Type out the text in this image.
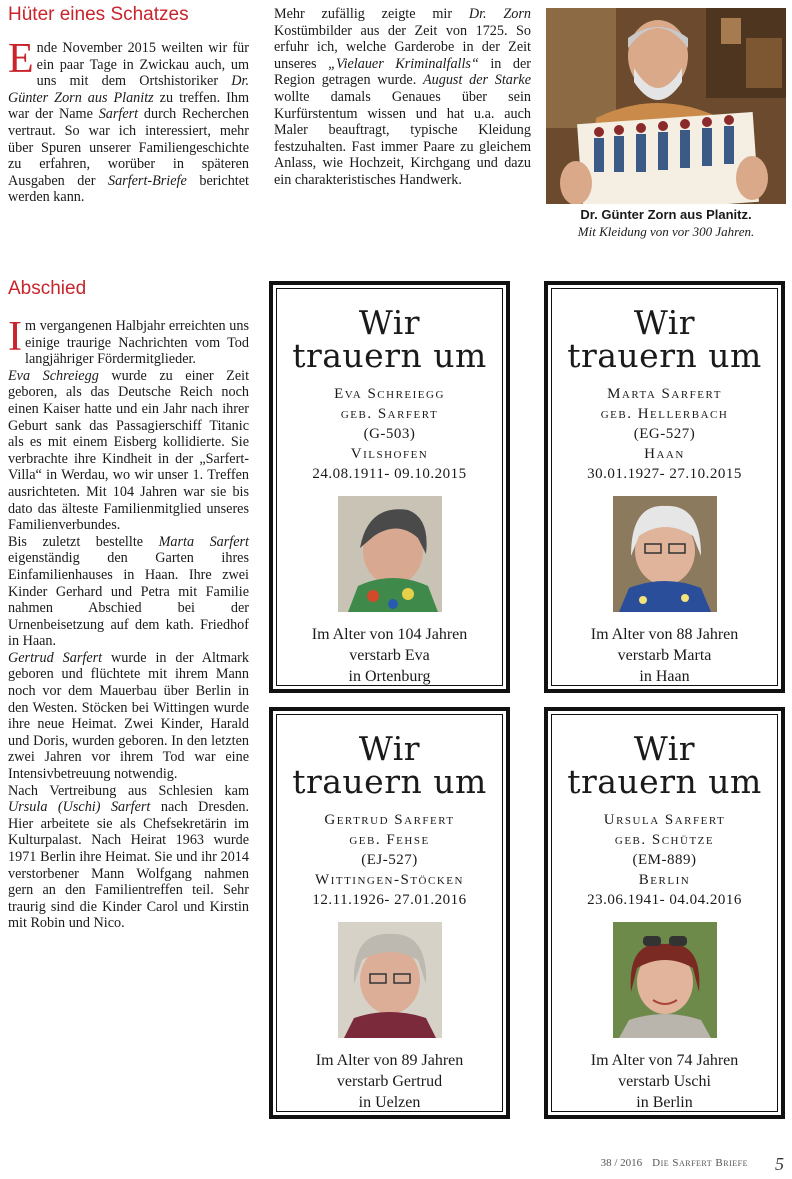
Hüter eines Schatzes

Ende November 2015 weilten wir für ein paar Tage in Zwickau auch, um uns mit dem Ortshistoriker Dr. Günter Zorn aus Planitz zu treffen. Ihm war der Name Sarfert durch Recherchen vertraut. So war ich interessiert, mehr über Spuren unserer Familiengeschichte zu erfahren, worüber in späteren Ausgaben der Sarfert-Briefe berichtet werden kann.

Mehr zufällig zeigte mir Dr. Zorn Kostümbilder aus der Zeit von 1725. So erfuhr ich, welche Garderobe in der Zeit unseres „Vielauer Kriminalfalls“ in der Region getragen wurde. August der Starke wollte damals Genaues über sein Kurfürstentum wissen und hat u.a. auch Maler beauftragt, typische Kleidung festzuhalten. Fast immer Paare zu gleichem Anlass, wie Hochzeit, Kirchgang und dazu ein charakteristisches Handwerk.

Dr. Günter Zorn aus Planitz.
Mit Kleidung von vor 300 Jahren.
Abschied

Im vergangenen Halbjahr erreichten uns einige traurige Nachrichten vom Tod langjähriger Fördermitglieder.

Eva Schreiegg wurde zu einer Zeit geboren, als das Deutsche Reich noch einen Kaiser hatte und ein Jahr nach ihrer Geburt sank das Passagierschiff Titanic als es mit einem Eisberg kollidierte. Sie verbrachte ihre Kindheit in der „Sarfert-Villa“ in Werdau, wo wir unser 1. Treffen ausrichteten. Mit 104 Jahren war sie bis dato das älteste Familienmitglied unseres Familienverbundes.

Bis zuletzt bestellte Marta Sarfert eigenständig den Garten ihres Einfamilienhauses in Haan. Ihre zwei Kinder Gerhard und Petra mit Familie nahmen Abschied bei der Urnenbeisetzung auf dem kath. Friedhof in Haan.

Gertrud Sarfert wurde in der Altmark geboren und flüchtete mit ihrem Mann noch vor dem Mauerbau über Berlin in den Westen. Stöcken bei Wittingen wurde ihre neue Heimat. Zwei Kinder, Harald und Doris, wurden geboren. In den letzten zwei Jahren vor ihrem Tod war eine Intensivbetreuung notwendig.

Nach Vertreibung aus Schlesien kam Ursula (Uschi) Sarfert nach Dresden. Hier arbeitete sie als Chefsekretärin im Kulturpalast. Nach Heirat 1963 wurde 1971 Berlin ihre Heimat. Sie und ihr 2014 verstorbener Mann Wolfgang nahmen gern an den Familientreffen teil. Sehr traurig sind die Kinder Carol und Kirstin mit Robin und Nico.

Wir
trauern um
Eva Schreiegg
geb. Sarfert
(G-503)
Vilshofen
24.08.1911- 09.10.2015
Im Alter von 104 Jahren
verstarb Eva
in Ortenburg
Wir
trauern um
Marta Sarfert
geb. Hellerbach
(EG-527)
Haan
30.01.1927- 27.10.2015
Im Alter von 88 Jahren
verstarb Marta
in Haan
Wir
trauern um
Gertrud Sarfert
geb. Fehse
(EJ-527)
Wittingen-Stöcken
12.11.1926- 27.01.2016
Im Alter von 89 Jahren
verstarb Gertrud
in Uelzen
Wir
trauern um
Ursula Sarfert
geb. Schütze
(EM-889)
Berlin
23.06.1941- 04.04.2016
Im Alter von 74 Jahren
verstarb Uschi
in Berlin
38 / 2016 Die Sarfert Briefe 5
